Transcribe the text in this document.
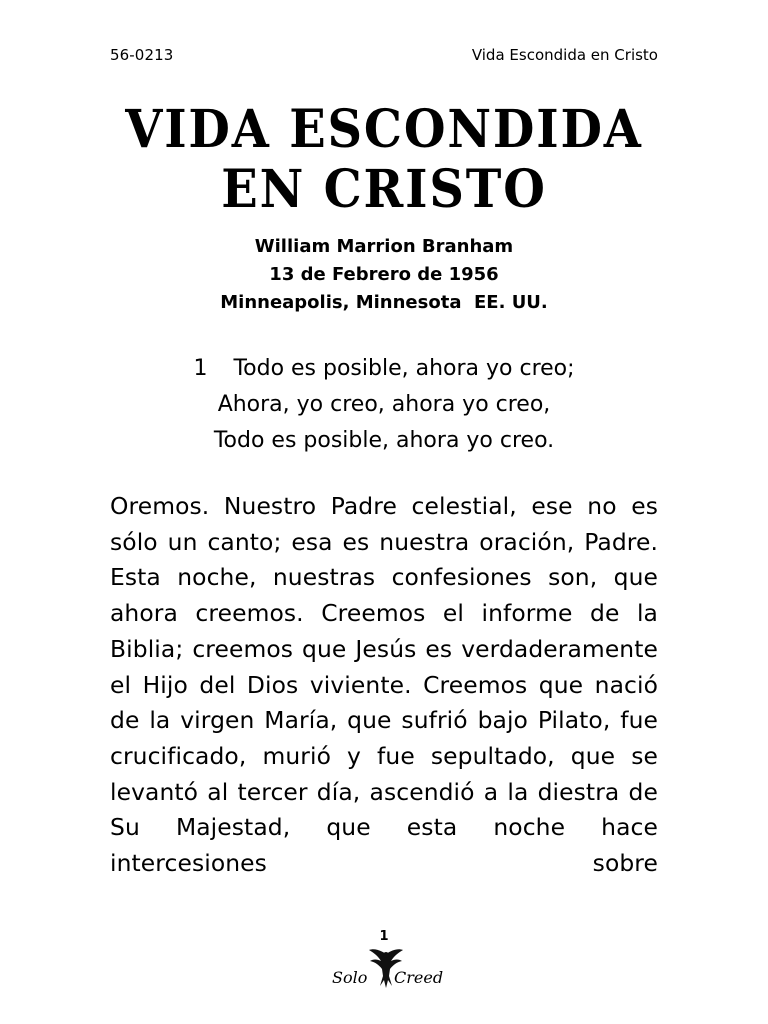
56-0213	Vida Escondida en Cristo
VIDA ESCONDIDA EN CRISTO
William Marrion Branham
13 de Febrero de 1956
Minneapolis, Minnesota  EE. UU.
1 Todo es posible, ahora yo creo;
Ahora, yo creo, ahora yo creo,
Todo es posible, ahora yo creo.
Oremos. Nuestro Padre celestial, ese no es sólo un canto; esa es nuestra oración, Padre. Esta noche, nuestras confesiones son, que ahora creemos. Creemos el informe de la Biblia; creemos que Jesús es verdaderamente el Hijo del Dios viviente. Creemos que nació de la virgen María, que sufrió bajo Pilato, fue crucificado, murió y fue sepultado, que se levantó al tercer día, ascendió a la diestra de Su Majestad, que esta noche hace intercesiones sobre
1
Solo Creed
